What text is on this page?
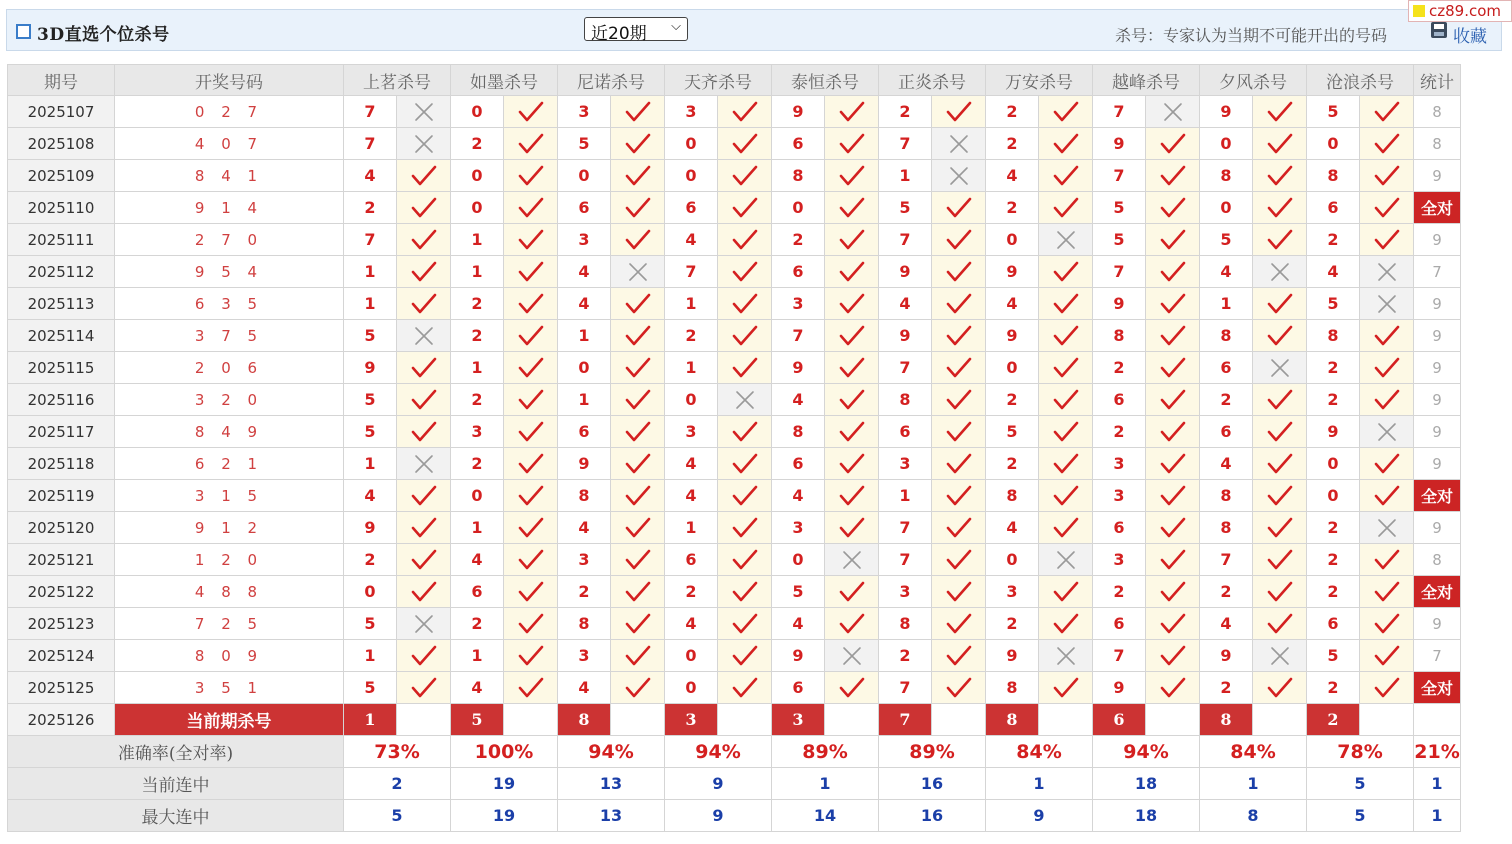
3D直选个位杀号	近20期 ⌵	杀号：专家认为当期不可能开出的号码	收藏
cz89.com
期号	开奖号码	上茗杀号		如墨杀号		尼诺杀号		天齐杀号		泰恒杀号		正炎杀号		万安杀号		越峰杀号		夕风杀号		沧浪杀号		统计
2025107	0 2 7	7		0		3		3		9		2		2		7		9		5		8
2025108	4 0 7	7		2		5		0		6		7		2		9		0		0		8
2025109	8 4 1	4		0		0		0		8		1		4		7		8		8		9
2025110	9 1 4	2		0		6		6		0		5		2		5		0		6		全对
2025111	2 7 0	7		1		3		4		2		7		0		5		5		2		9
2025112	9 5 4	1		1		4		7		6		9		9		7		4		4		7
2025113	6 3 5	1		2		4		1		3		4		4		9		1		5		9
2025114	3 7 5	5		2		1		2		7		9		9		8		8		8		9
2025115	2 0 6	9		1		0		1		9		7		0		2		6		2		9
2025116	3 2 0	5		2		1		0		4		8		2		6		2		2		9
2025117	8 4 9	5		3		6		3		8		6		5		2		6		9		9
2025118	6 2 1	1		2		9		4		6		3		2		3		4		0		9
2025119	3 1 5	4		0		8		4		4		1		8		3		8		0		全对
2025120	9 1 2	9		1		4		1		3		7		4		6		8		2		9
2025121	1 2 0	2		4		3		6		0		7		0		3		7		2		8
2025122	4 8 8	0		6		2		2		5		3		3		2		2		2		全对
2025123	7 2 5	5		2		8		4		4		8		2		6		4		6		9
2025124	8 0 9	1		1		3		0		9		2		9		7		9		5		7
2025125	3 5 1	5		4		4		0		6		7		8		9		2		2		全对
2025126	当前期杀号	1		5		8		3		3		7		8		6		8		2		
准确率(全对率)		73%		100%		94%		94%		89%		89%		84%		94%		84%		78%		21%
当前连中		2		19		13		9		1		16		1		18		1		5		1
最大连中		5		19		13		9		14		16		9		18		8		5		1
